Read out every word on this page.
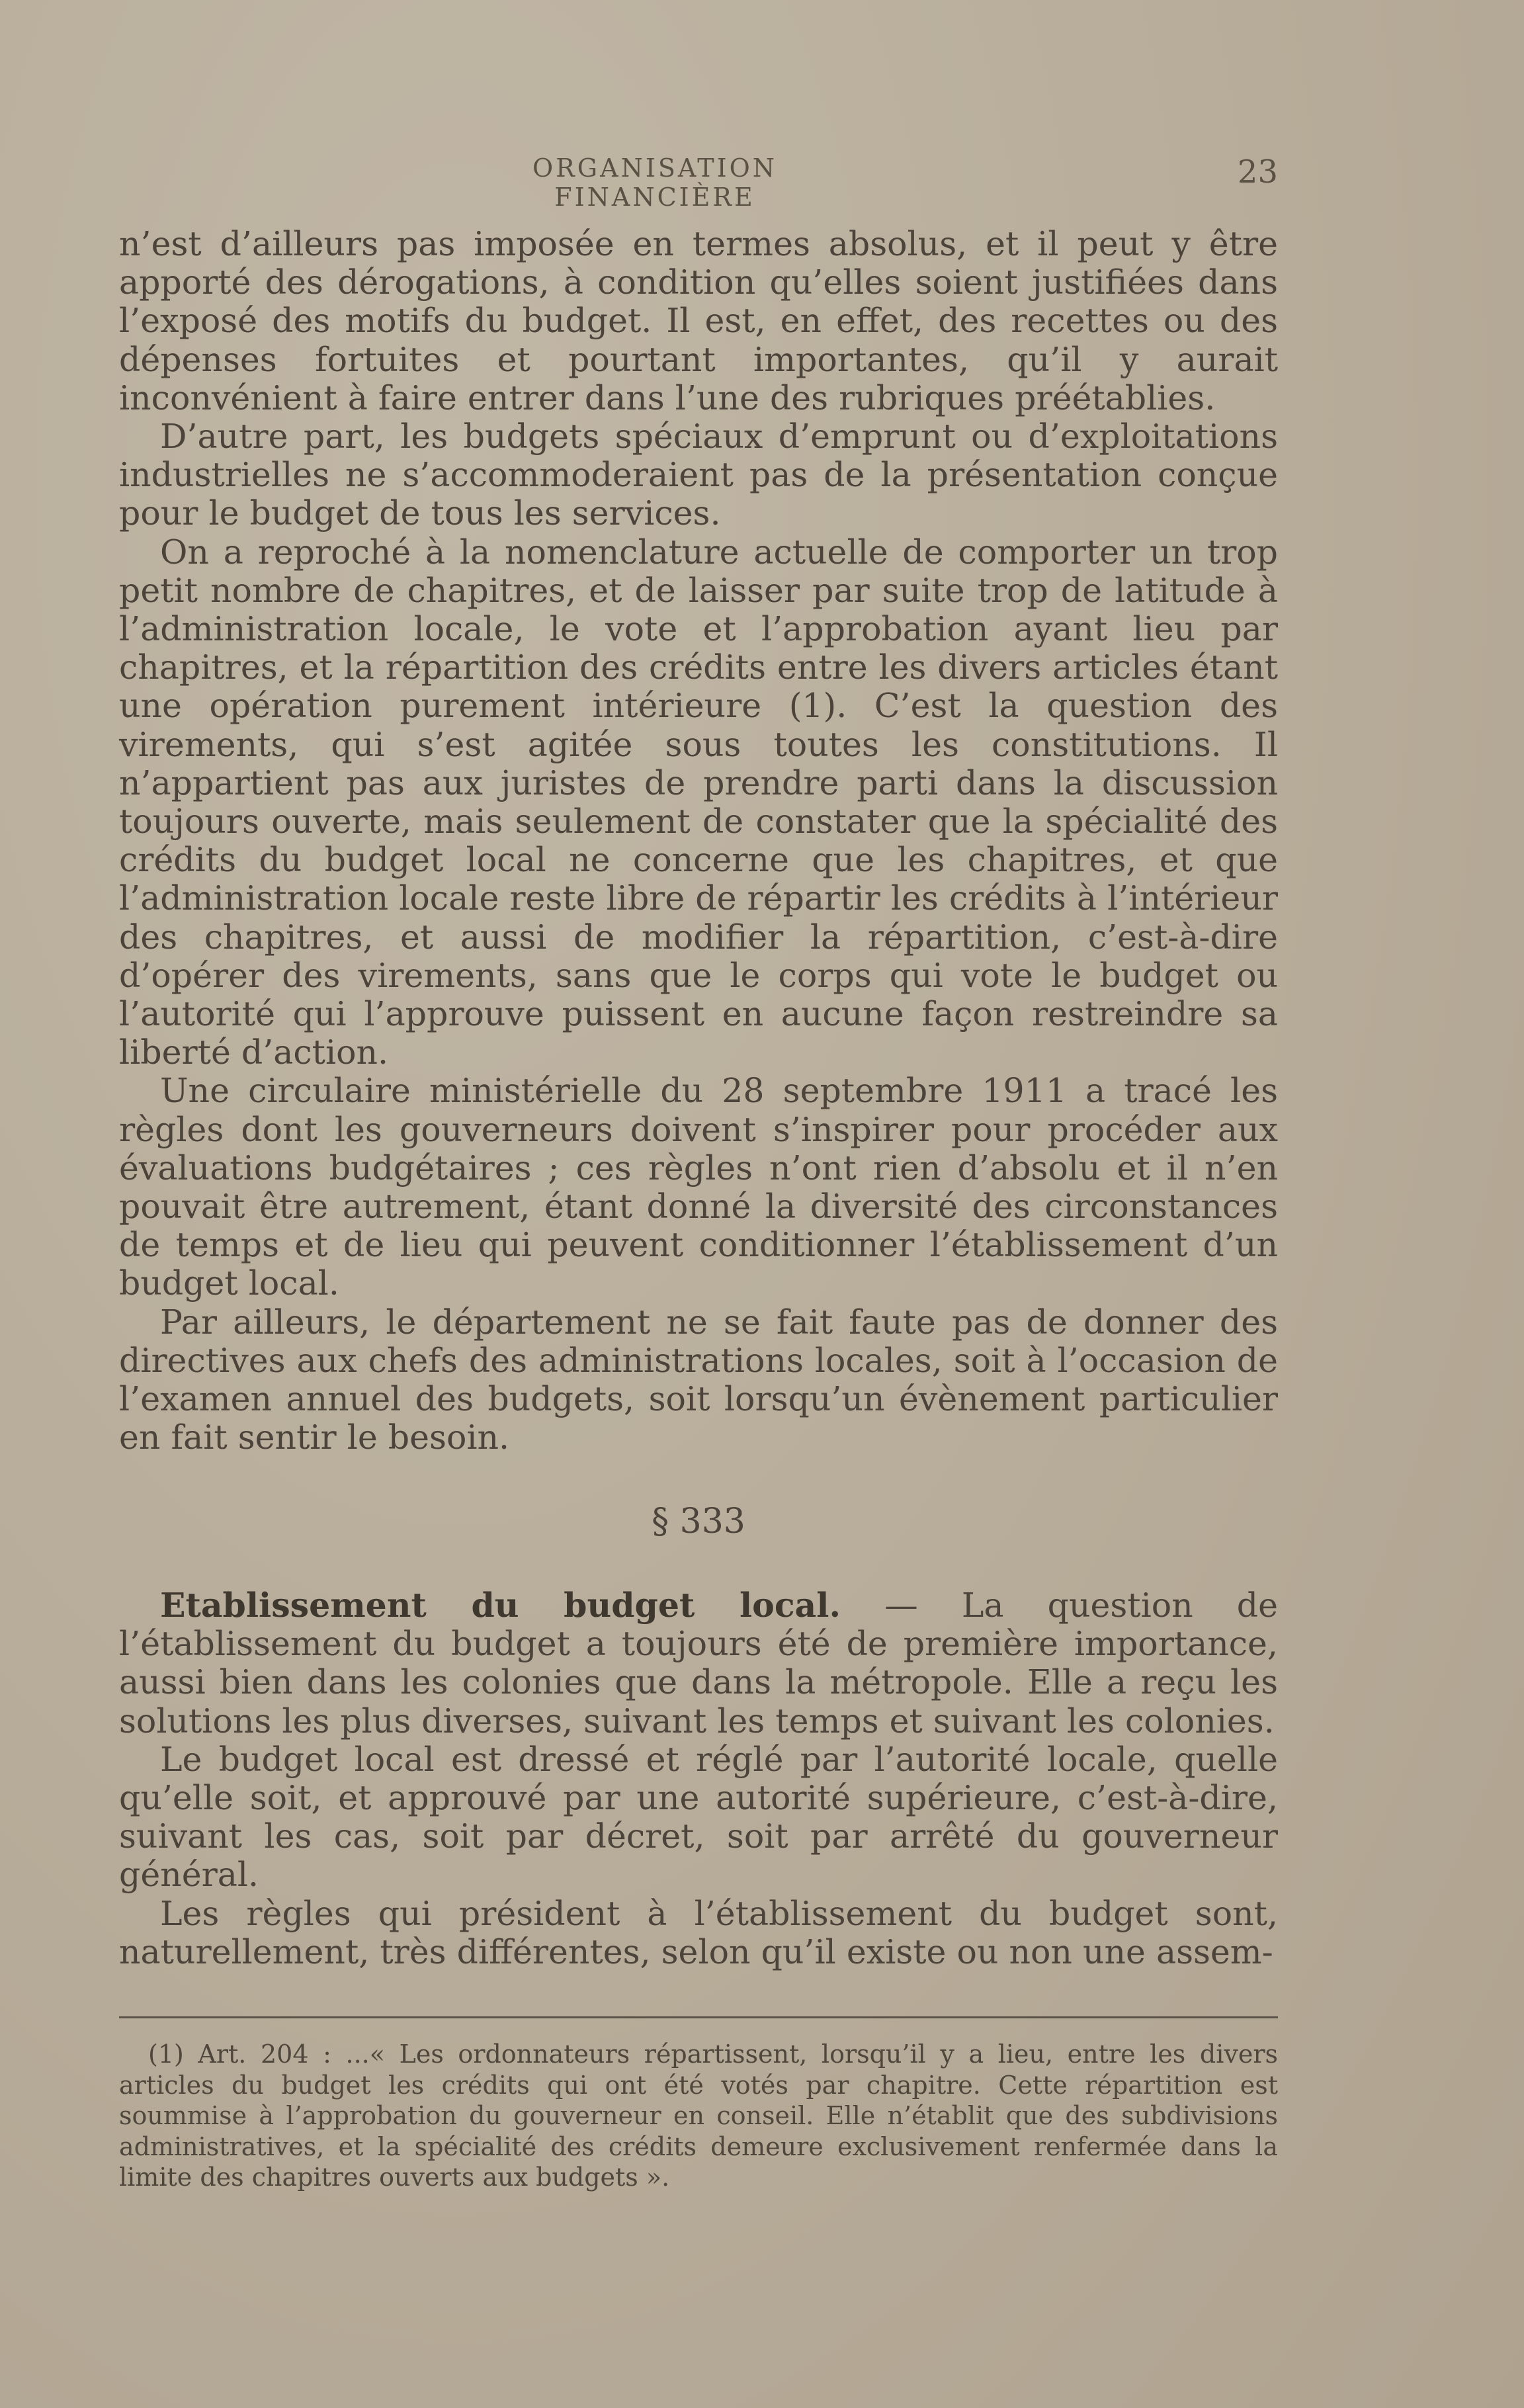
ORGANISATION FINANCIÈRE
23

n’est d’ailleurs pas imposée en termes absolus, et il peut y être apporté des dérogations, à condition qu’elles soient justifiées dans l’exposé des motifs du budget. Il est, en effet, des recettes ou des dépenses fortuites et pourtant importantes, qu’il y aurait inconvénient à faire entrer dans l’une des rubriques préétablies.

D’autre part, les budgets spéciaux d’emprunt ou d’exploitations industrielles ne s’accommoderaient pas de la présentation conçue pour le budget de tous les services.

On a reproché à la nomenclature actuelle de comporter un trop petit nombre de chapitres, et de laisser par suite trop de latitude à l’administration locale, le vote et l’approbation ayant lieu par chapitres, et la répartition des crédits entre les divers articles étant une opération purement intérieure (1). C’est la question des virements, qui s’est agitée sous toutes les constitutions. Il n’appartient pas aux juristes de prendre parti dans la discussion toujours ouverte, mais seulement de constater que la spécialité des crédits du budget local ne concerne que les chapitres, et que l’administration locale reste libre de répartir les crédits à l’intérieur des chapitres, et aussi de modifier la répartition, c’est-à-dire d’opérer des virements, sans que le corps qui vote le budget ou l’autorité qui l’approuve puissent en aucune façon restreindre sa liberté d’action.

Une circulaire ministérielle du 28 septembre 1911 a tracé les règles dont les gouverneurs doivent s’inspirer pour procéder aux évaluations budgétaires ; ces règles n’ont rien d’absolu et il n’en pouvait être autrement, étant donné la diversité des circonstances de temps et de lieu qui peuvent conditionner l’établissement d’un budget local.

Par ailleurs, le département ne se fait faute pas de donner des directives aux chefs des administrations locales, soit à l’occasion de l’examen annuel des budgets, soit lorsqu’un évènement particulier en fait sentir le besoin.

§ 333

Etablissement du budget local. — La question de l’établissement du budget a toujours été de première importance, aussi bien dans les colonies que dans la métropole. Elle a reçu les solutions les plus diverses, suivant les temps et suivant les colonies.

Le budget local est dressé et réglé par l’autorité locale, quelle qu’elle soit, et approuvé par une autorité supérieure, c’est-à-dire, suivant les cas, soit par décret, soit par arrêté du gouverneur général.

Les règles qui président à l’établissement du budget sont, naturellement, très différentes, selon qu’il existe ou non une assem-

(1) Art. 204 : ...« Les ordonnateurs répartissent, lorsqu’il y a lieu, entre les divers articles du budget les crédits qui ont été votés par chapitre. Cette répartition est soummise à l’approbation du gouverneur en conseil. Elle n’établit que des subdivisions administratives, et la spécialité des crédits demeure exclusivement renfermée dans la limite des chapitres ouverts aux budgets ».
